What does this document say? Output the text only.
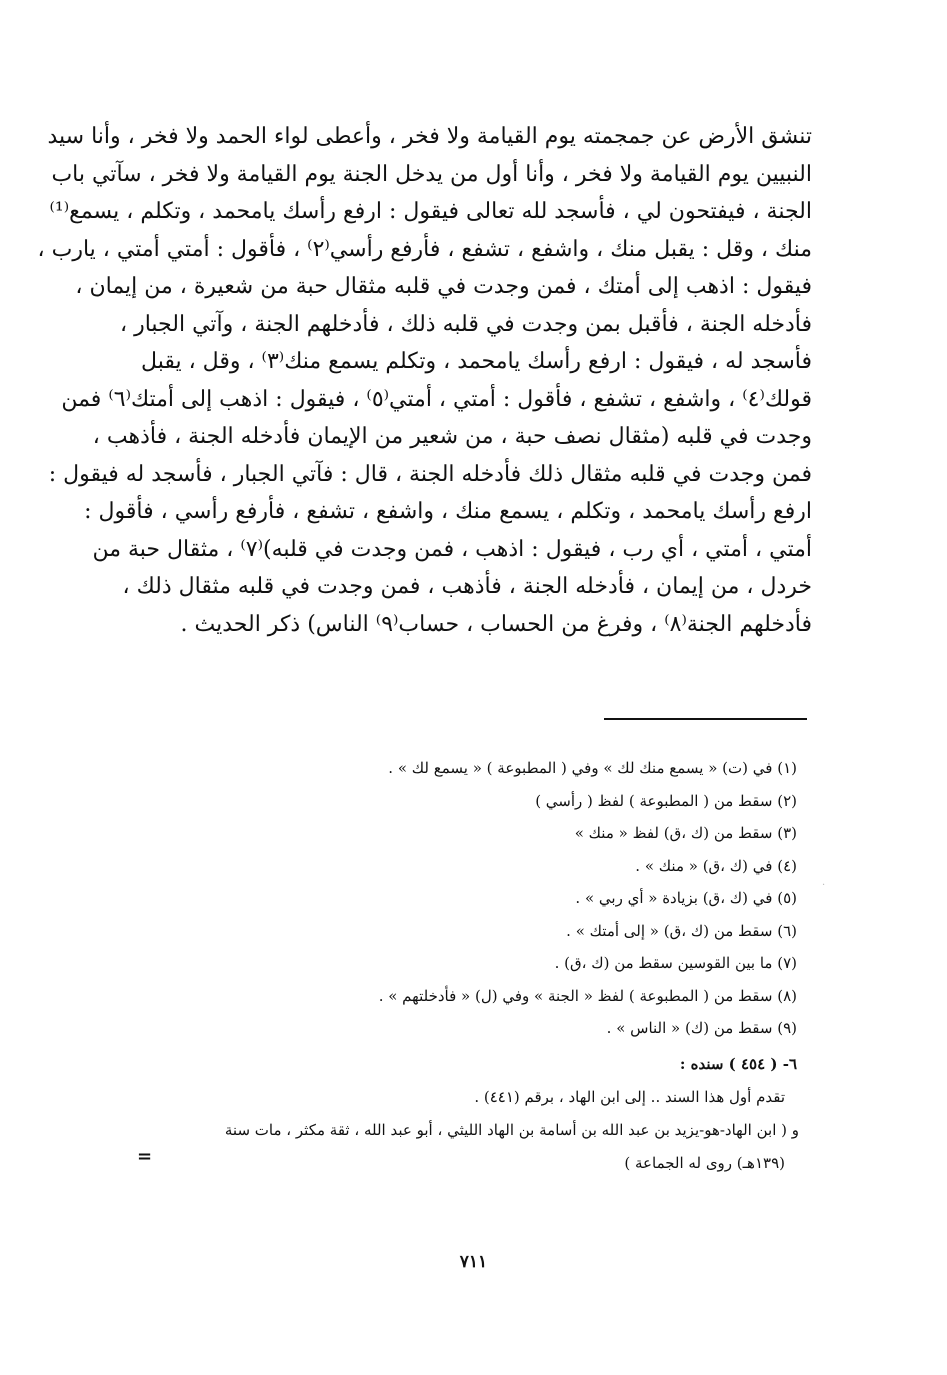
تنشق الأرض عن جمجمته يوم القيامة ولا فخر ، وأعطى لواء الحمد ولا فخر ، وأنا سيد
النبيين يوم القيامة ولا فخر ، وأنا أول من يدخل الجنة يوم القيامة ولا فخر ، سآتي باب
الجنة ، فيفتحون لي ، فأسجد لله تعالى فيقول : ارفع رأسك يامحمد ، وتكلم ، يسمع⁽¹⁾
منك ، وقل : يقبل منك ، واشفع ، تشفع ، فأرفع رأسي⁽٢⁾ ، فأقول : أمتي أمتي ، يارب ،
فيقول : اذهب إلى أمتك ، فمن وجدت في قلبه مثقال حبة من شعيرة ، من إيمان ،
فأدخله الجنة ، فأقبل بمن وجدت في قلبه ذلك ، فأدخلهم الجنة ، وآتي الجبار ،
فأسجد له ، فيقول : ارفع رأسك يامحمد ، وتكلم يسمع منك⁽٣⁾ ، وقل ، يقبل
قولك⁽٤⁾ ، واشفع ، تشفع ، فأقول : أمتي ، أمتي⁽٥⁾ ، فيقول : اذهب إلى أمتك⁽٦⁾ فمن
وجدت في قلبه (مثقال نصف حبة ، من شعير من الإيمان فأدخله الجنة ، فأذهب ،
فمن وجدت في قلبه مثقال ذلك فأدخله الجنة ، قال : فآتي الجبار ، فأسجد له فيقول :
ارفع رأسك يامحمد ، وتكلم ، يسمع منك ، واشفع ، تشفع ، فأرفع رأسي ، فأقول :
أمتي ، أمتي ، أي رب ، فيقول : اذهب ، فمن وجدت في قلبه)⁽٧⁾ ، مثقال حبة من
خردل ، من إيمان ، فأدخله الجنة ، فأذهب ، فمن وجدت في قلبه مثقال ذلك ،
فأدخلهم الجنة⁽٨⁾ ، وفرغ من الحساب ، حساب⁽٩⁾ الناس) ذكر الحديث .
(١) في (ت) « يسمع منك لك » وفي ( المطبوعة ) « يسمع لك » .
(٢) سقط من ( المطبوعة ) لفظ ( رأسي )
(٣) سقط من (ك ،ق) لفظ « منك »
(٤) في (ك ،ق) « منك » .
(٥) في (ك ،ق) بزيادة « أي ربي » .
(٦) سقط من (ك ،ق) « إلى أمتك » .
(٧) ما بين القوسين سقط من (ك ،ق) .
(٨) سقط من ( المطبوعة ) لفظ « الجنة » وفي (ل) « فأدخلتهم » .
(٩) سقط من (ك) « الناس » .
٦- ( ٤٥٤ ) سنده :
تقدم أول هذا السند .. إلى ابن الهاد ، برقم (٤٤١) .
و ( ابن الهاد-هو-يزيد بن عبد الله بن أسامة بن الهاد الليثي ، أبو عبد الله ، ثقة مكثر ، مات سنة
(١٣٩هـ) روى له الجماعة )
=
·
٧١١
